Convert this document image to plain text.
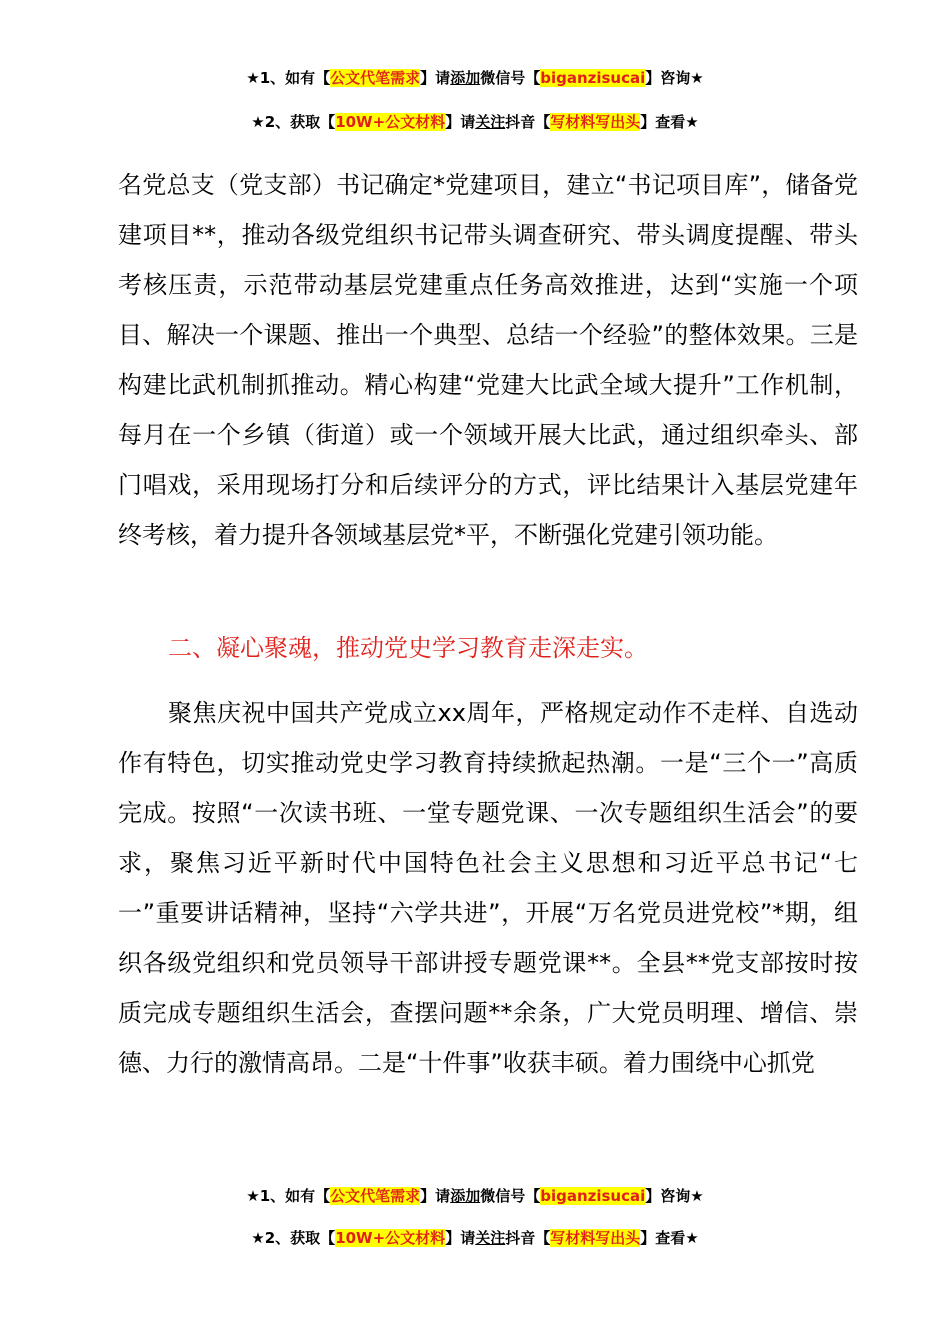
★1、如有【公文代笔需求】请添加微信号【biganzisucai】咨询★
★2、获取【10W+公文材料】请关注抖音【写材料写出头】查看★
名党总支（党支部）书记确定*党建项目，建立“书记项目库”，储备党建项目**，推动各级党组织书记带头调查研究、带头调度提醒、带头考核压责，示范带动基层党建重点任务高效推进，达到“实施一个项目、解决一个课题、推出一个典型、总结一个经验”的整体效果。三是构建比武机制抓推动。精心构建“党建大比武全域大提升”工作机制，每月在一个乡镇（街道）或一个领域开展大比武，通过组织牵头、部门唱戏，采用现场打分和后续评分的方式，评比结果计入基层党建年终考核，着力提升各领域基层党*平，不断强化党建引领功能。
二、凝心聚魂，推动党史学习教育走深走实。
聚焦庆祝中国共产党成立xx周年，严格规定动作不走样、自选动作有特色，切实推动党史学习教育持续掀起热潮。一是“三个一”高质完成。按照“一次读书班、一堂专题党课、一次专题组织生活会”的要求，聚焦习近平新时代中国特色社会主义思想和习近平总书记“七一”重要讲话精神，坚持“六学共进”，开展“万名党员进党校”*期，组织各级党组织和党员领导干部讲授专题党课**。全县**党支部按时按质完成专题组织生活会，查摆问题**余条，广大党员明理、增信、崇德、力行的激情高昂。二是“十件事”收获丰硕。着力围绕中心抓党
★1、如有【公文代笔需求】请添加微信号【biganzisucai】咨询★
★2、获取【10W+公文材料】请关注抖音【写材料写出头】查看★
